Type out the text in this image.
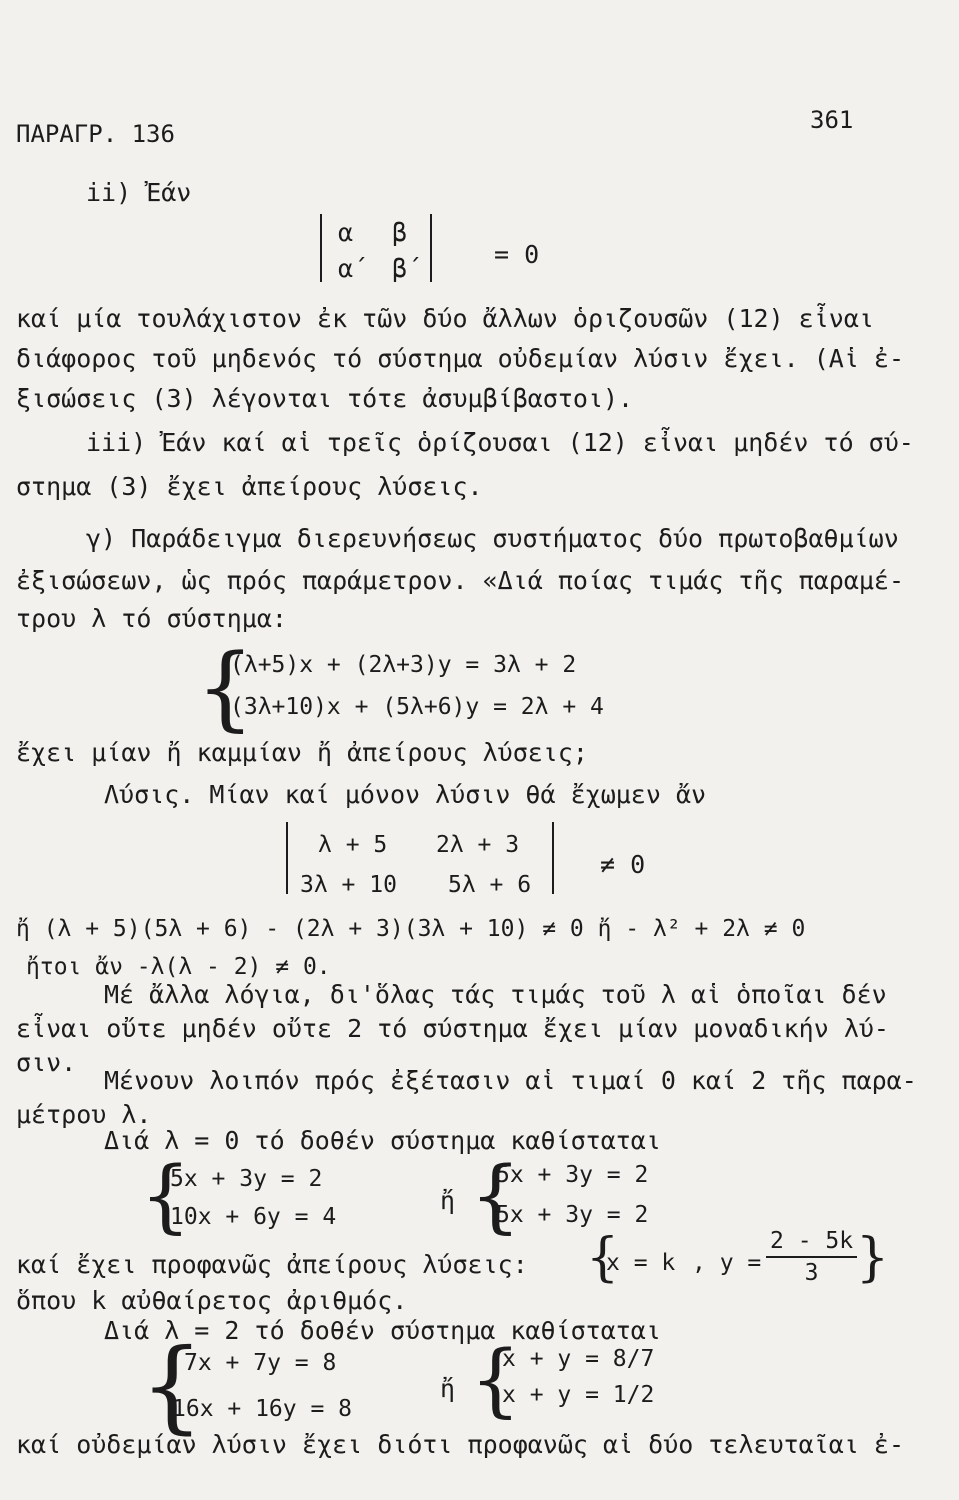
ΠΑΡΑΓΡ. 136	361
ii) Ἐάν
α β
α΄ β΄	= 0
καί μία τουλάχιστον ἐκ τῶν δύο ἄλλων ὁριζουσῶν (12) εἶναι
διάφορος τοῦ μηδενός τό σύστημα οὐδεμίαν λύσιν ἔχει. (Αἱ ἐ-
ξισώσεις (3) λέγονται τότε ἀσυμβίβαστοι).
iii) Ἐάν καί αἱ τρεῖς ὁρίζουσαι (12) εἶναι μηδέν τό σύ-
στημα (3) ἔχει ἀπείρους λύσεις.
γ) Παράδειγμα διερευνήσεως συστήματος δύο πρωτοβαθμίων
ἐξισώσεων, ὡς πρός παράμετρον. «Διά ποίας τιμάς τῆς παραμέ-
τρου λ τό σύστημα:
{
(λ+5)x + (2λ+3)y = 3λ + 2
(3λ+10)x + (5λ+6)y = 2λ + 4
ἔχει μίαν ἤ καμμίαν ἤ ἀπείρους λύσεις;
Λύσις. Μίαν καί μόνον λύσιν θά ἔχωμεν ἄν
λ + 5 2λ + 3
3λ + 10 5λ + 6
≠ 0
ἤ (λ + 5)(5λ + 6) - (2λ + 3)(3λ + 10) ≠ 0 ἤ - λ² + 2λ ≠ 0
ἤτοι ἄν -λ(λ - 2) ≠ 0.
Μέ ἄλλα λόγια, δι'ὅλας τάς τιμάς τοῦ λ αἱ ὁποῖαι δέν
εἶναι οὔτε μηδέν οὔτε 2 τό σύστημα ἔχει μίαν μοναδικήν λύ-
σιν.
Μένουν λοιπόν πρός ἐξέτασιν αἱ τιμαί 0 καί 2 τῆς παρα-
μέτρου λ.
Διά λ = 0 τό δοθέν σύστημα καθίσταται
{
5x + 3y = 2
10x + 6y = 4
ἤ {
5x + 3y = 2
5x + 3y = 2
καί ἔχει προφανῶς ἀπείρους λύσεις: {
x = k , $y = \frac{2 - 5k}{3}$
}
ὅπου k αὐθαίρετος ἀριθμός.
Διά λ = 2 τό δοθέν σύστημα καθίσταται
{
7x + 7y = 8
16x + 16y = 8
ἤ {
x + y = 8/7
x + y = 1/2
καί οὐδεμίαν λύσιν ἔχει διότι προφανῶς αἱ δύο τελευταῖαι ἐ-
